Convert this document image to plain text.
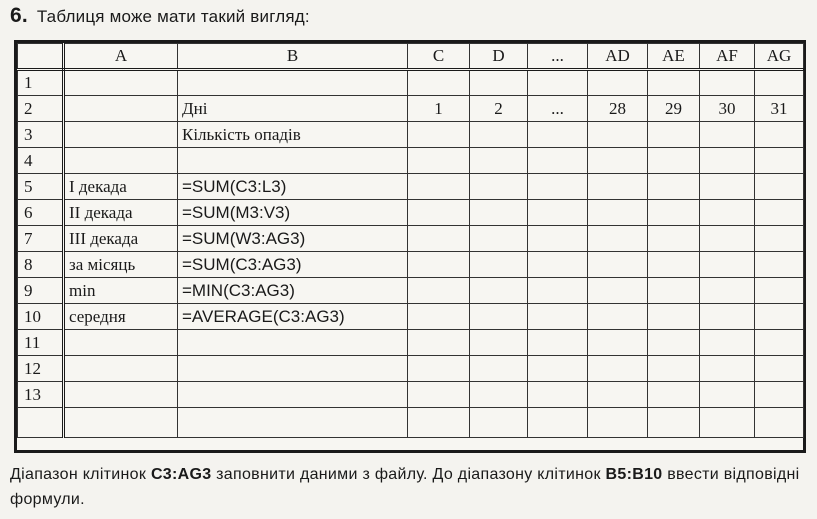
6. Таблиця може мати такий вигляд:
	A	B	C	D	...	AD	AE	AF	AG
1									
2		Дні	1	2	...	28	29	30	31
3		Кількість опадів							
4									
5	І декада	=SUM(C3:L3)							
6	ІІ декада	=SUM(M3:V3)							
7	ІІІ декада	=SUM(W3:AG3)							
8	за місяць	=SUM(C3:AG3)							
9	min	=MIN(C3:AG3)							
10	середня	=AVERAGE(C3:AG3)							
11									
12									
13									

Діапазон клітинок C3:AG3 заповнити даними з файлу. До діапазону клітинок B5:B10 ввести відповідні формули.
